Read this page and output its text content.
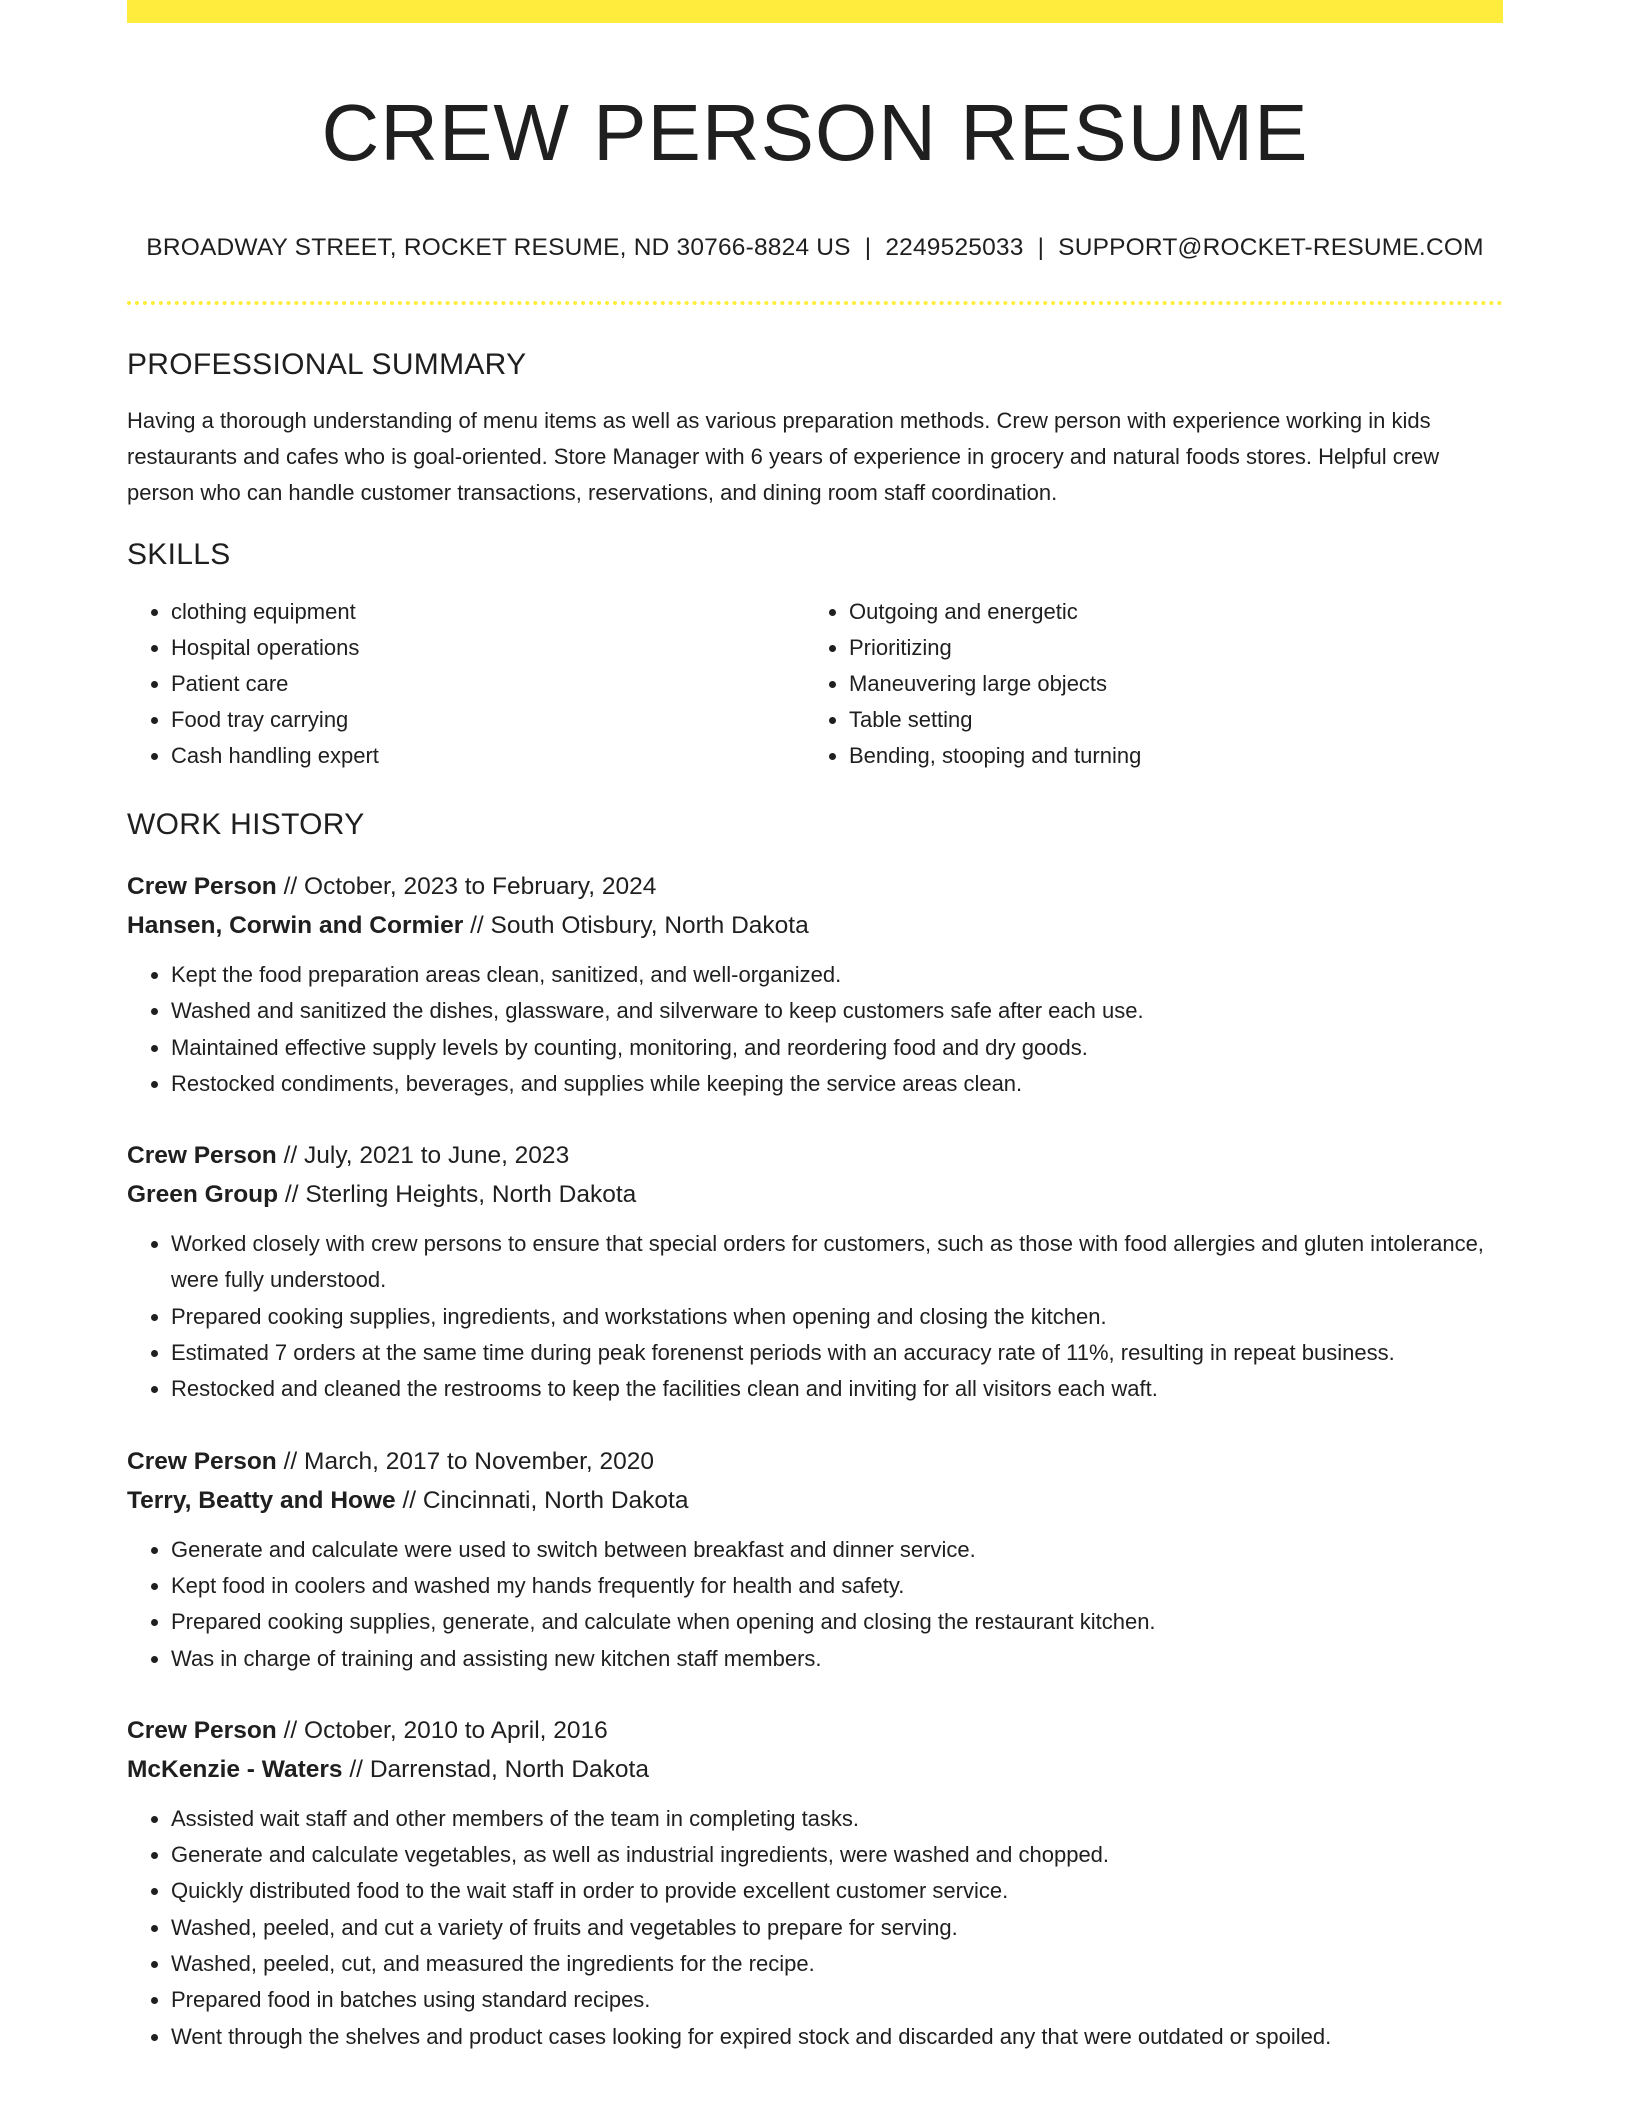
CREW PERSON RESUME
BROADWAY STREET, ROCKET RESUME, ND 30766-8824 US | 2249525033 | SUPPORT@ROCKET-RESUME.COM
PROFESSIONAL SUMMARY

Having a thorough understanding of menu items as well as various preparation methods. Crew person with experience working in kids restaurants and cafes who is goal-oriented. Store Manager with 6 years of experience in grocery and natural foods stores. Helpful crew person who can handle customer transactions, reservations, and dining room staff coordination.

SKILLS
• clothing equipment
• Hospital operations
• Patient care
• Food tray carrying
• Cash handling expert
• Outgoing and energetic
• Prioritizing
• Maneuvering large objects
• Table setting
• Bending, stooping and turning
WORK HISTORY
Crew Person // October, 2023 to February, 2024
Hansen, Corwin and Cormier // South Otisbury, North Dakota
• Kept the food preparation areas clean, sanitized, and well-organized.
• Washed and sanitized the dishes, glassware, and silverware to keep customers safe after each use.
• Maintained effective supply levels by counting, monitoring, and reordering food and dry goods.
• Restocked condiments, beverages, and supplies while keeping the service areas clean.
Crew Person // July, 2021 to June, 2023
Green Group // Sterling Heights, North Dakota
• Worked closely with crew persons to ensure that special orders for customers, such as those with food allergies and gluten intolerance, were fully understood.
• Prepared cooking supplies, ingredients, and workstations when opening and closing the kitchen.
• Estimated 7 orders at the same time during peak forenenst periods with an accuracy rate of 11%, resulting in repeat business.
• Restocked and cleaned the restrooms to keep the facilities clean and inviting for all visitors each waft.
Crew Person // March, 2017 to November, 2020
Terry, Beatty and Howe // Cincinnati, North Dakota
• Generate and calculate were used to switch between breakfast and dinner service.
• Kept food in coolers and washed my hands frequently for health and safety.
• Prepared cooking supplies, generate, and calculate when opening and closing the restaurant kitchen.
• Was in charge of training and assisting new kitchen staff members.
Crew Person // October, 2010 to April, 2016
McKenzie - Waters // Darrenstad, North Dakota
• Assisted wait staff and other members of the team in completing tasks.
• Generate and calculate vegetables, as well as industrial ingredients, were washed and chopped.
• Quickly distributed food to the wait staff in order to provide excellent customer service.
• Washed, peeled, and cut a variety of fruits and vegetables to prepare for serving.
• Washed, peeled, cut, and measured the ingredients for the recipe.
• Prepared food in batches using standard recipes.
• Went through the shelves and product cases looking for expired stock and discarded any that were outdated or spoiled.
